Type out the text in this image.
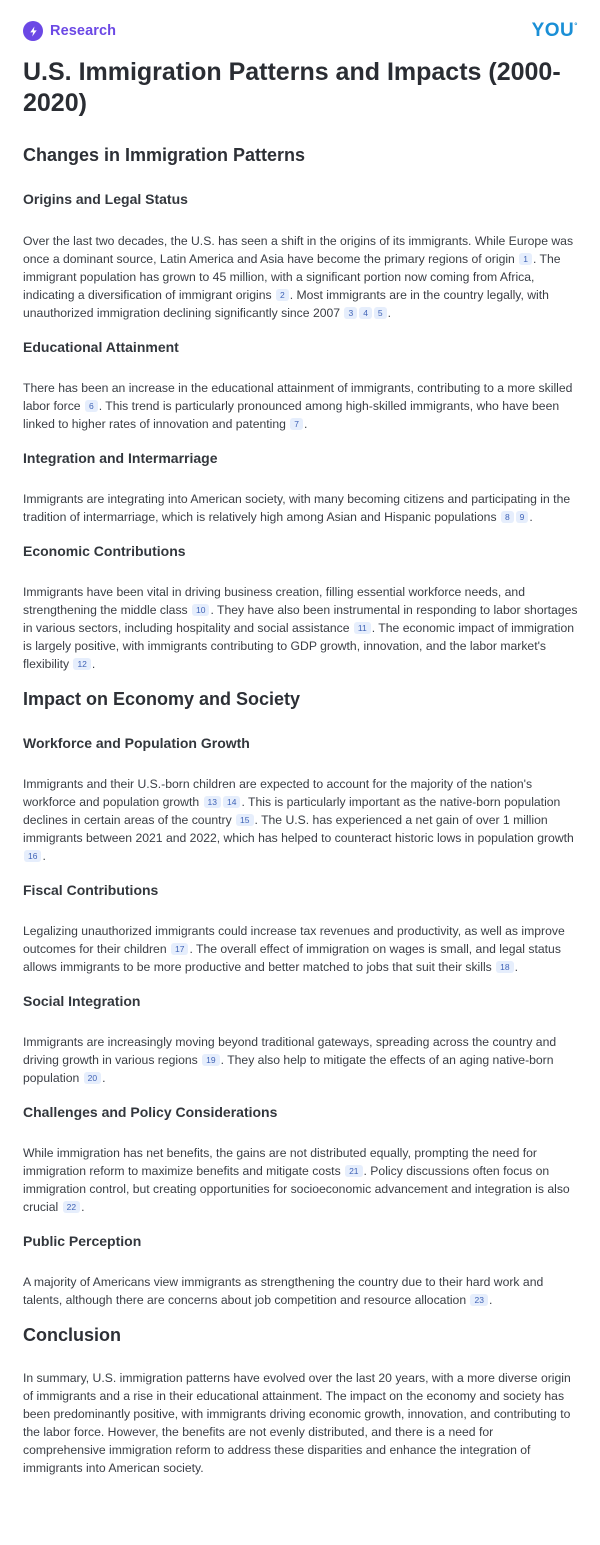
Research	YOU°
U.S. Immigration Patterns and Impacts (2000-2020)
Changes in Immigration Patterns
Origins and Legal Status

Over the last two decades, the U.S. has seen a shift in the origins of its immigrants. While Europe was once a dominant source, Latin America and Asia have become the primary regions of origin 1 . The immigrant population has grown to 45 million, with a significant portion now coming from Africa, indicating a diversification of immigrant origins 2 . Most immigrants are in the country legally, with unauthorized immigration declining significantly since 2007 3 4 5 .

Educational Attainment

There has been an increase in the educational attainment of immigrants, contributing to a more skilled labor force 6 . This trend is particularly pronounced among high-skilled immigrants, who have been linked to higher rates of innovation and patenting 7 .

Integration and Intermarriage

Immigrants are integrating into American society, with many becoming citizens and participating in the tradition of intermarriage, which is relatively high among Asian and Hispanic populations 8 9 .

Economic Contributions

Immigrants have been vital in driving business creation, filling essential workforce needs, and strengthening the middle class 10 . They have also been instrumental in responding to labor shortages in various sectors, including hospitality and social assistance 11 . The economic impact of immigration is largely positive, with immigrants contributing to GDP growth, innovation, and the labor market's flexibility 12 .

Impact on Economy and Society
Workforce and Population Growth

Immigrants and their U.S.-born children are expected to account for the majority of the nation's workforce and population growth 13 14 . This is particularly important as the native-born population declines in certain areas of the country 15 . The U.S. has experienced a net gain of over 1 million immigrants between 2021 and 2022, which has helped to counteract historic lows in population growth 16 .

Fiscal Contributions

Legalizing unauthorized immigrants could increase tax revenues and productivity, as well as improve outcomes for their children 17 . The overall effect of immigration on wages is small, and legal status allows immigrants to be more productive and better matched to jobs that suit their skills 18 .

Social Integration

Immigrants are increasingly moving beyond traditional gateways, spreading across the country and driving growth in various regions 19 . They also help to mitigate the effects of an aging native-born population 20 .

Challenges and Policy Considerations

While immigration has net benefits, the gains are not distributed equally, prompting the need for immigration reform to maximize benefits and mitigate costs 21 . Policy discussions often focus on immigration control, but creating opportunities for socioeconomic advancement and integration is also crucial 22 .

Public Perception

A majority of Americans view immigrants as strengthening the country due to their hard work and talents, although there are concerns about job competition and resource allocation 23 .

Conclusion

In summary, U.S. immigration patterns have evolved over the last 20 years, with a more diverse origin of immigrants and a rise in their educational attainment. The impact on the economy and society has been predominantly positive, with immigrants driving economic growth, innovation, and contributing to the labor force. However, the benefits are not evenly distributed, and there is a need for comprehensive immigration reform to address these disparities and enhance the integration of immigrants into American society.
